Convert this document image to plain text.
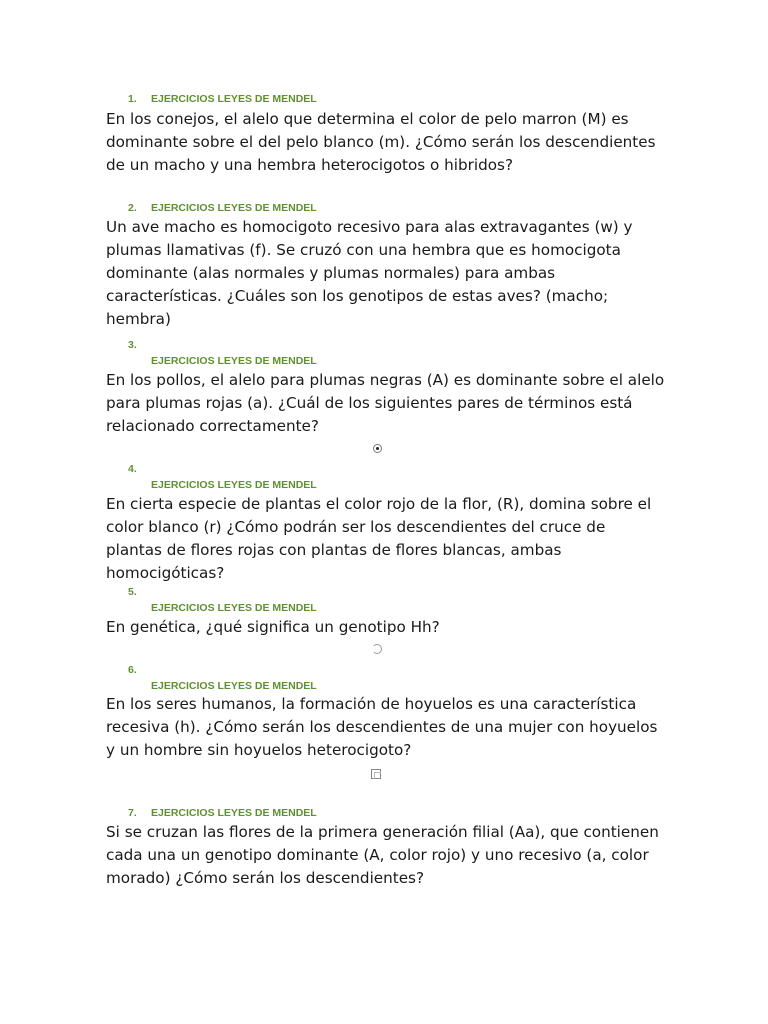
1. EJERCICIOS LEYES DE MENDEL

En los conejos, el alelo que determina el color de pelo marron (M) es dominante sobre el del pelo blanco (m). ¿Cómo serán los descendientes de un macho y una hembra heterocigotos o hibridos?

2. EJERCICIOS LEYES DE MENDEL

Un ave macho es homocigoto recesivo para alas extravagantes (w) y plumas llamativas (f). Se cruzó con una hembra que es homocigota dominante (alas normales y plumas normales) para ambas características. ¿Cuáles son los genotipos de estas aves? (macho; hembra)

3.
EJERCICIOS LEYES DE MENDEL

En los pollos, el alelo para plumas negras (A) es dominante sobre el alelo para plumas rojas (a). ¿Cuál de los siguientes pares de términos está relacionado correctamente?

4.
EJERCICIOS LEYES DE MENDEL

En cierta especie de plantas el color rojo de la flor, (R), domina sobre el color blanco (r) ¿Cómo podrán ser los descendientes del cruce de plantas de flores rojas con plantas de flores blancas, ambas homocigóticas?

5.
EJERCICIOS LEYES DE MENDEL

En genética, ¿qué significa un genotipo Hh?

6.
EJERCICIOS LEYES DE MENDEL

En los seres humanos, la formación de hoyuelos es una característica recesiva (h). ¿Cómo serán los descendientes de una mujer con hoyuelos y un hombre sin hoyuelos heterocigoto?

7. EJERCICIOS LEYES DE MENDEL

Si se cruzan las flores de la primera generación filial (Aa), que contienen cada una un genotipo dominante (A, color rojo) y uno recesivo (a, color morado) ¿Cómo serán los descendientes?
